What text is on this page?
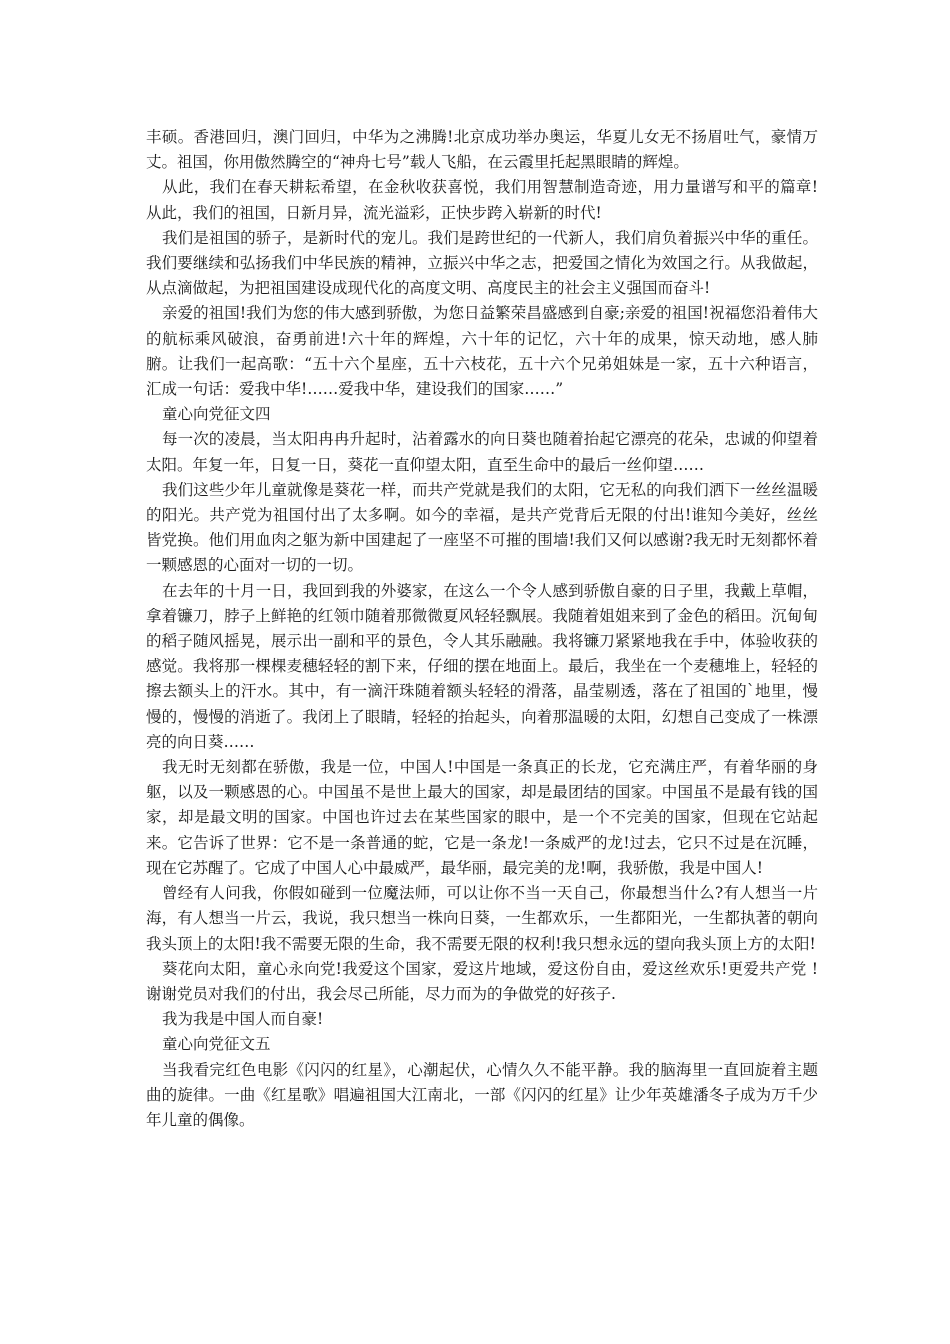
丰硕。香港回归，澳门回归，中华为之沸腾!北京成功举办奥运，华夏儿女无不扬眉吐气，豪情万丈。祖国，你用傲然腾空的“神舟七号”载人飞船，在云霞里托起黑眼睛的辉煌。

从此，我们在春天耕耘希望，在金秋收获喜悦，我们用智慧制造奇迹，用力量谱写和平的篇章!从此，我们的祖国，日新月异，流光溢彩，正快步跨入崭新的时代!

我们是祖国的骄子，是新时代的宠儿。我们是跨世纪的一代新人，我们肩负着振兴中华的重任。我们要继续和弘扬我们中华民族的精神，立振兴中华之志，把爱国之情化为效国之行。从我做起，从点滴做起，为把祖国建设成现代化的高度文明、高度民主的社会主义强国而奋斗!

亲爱的祖国!我们为您的伟大感到骄傲，为您日益繁荣昌盛感到自豪;亲爱的祖国!祝福您沿着伟大的航标乘风破浪，奋勇前进!六十年的辉煌，六十年的记忆，六十年的成果，惊天动地，感人肺腑。让我们一起高歌：“五十六个星座，五十六枝花，五十六个兄弟姐妹是一家，五十六种语言，汇成一句话：爱我中华!……爱我中华，建设我们的国家……”

童心向党征文四

每一次的凌晨，当太阳冉冉升起时，沾着露水的向日葵也随着抬起它漂亮的花朵，忠诚的仰望着太阳。年复一年，日复一日，葵花一直仰望太阳，直至生命中的最后一丝仰望……

我们这些少年儿童就像是葵花一样，而共产党就是我们的太阳，它无私的向我们洒下一丝丝温暖的阳光。共产党为祖国付出了太多啊。如今的幸福，是共产党背后无限的付出!谁知今美好，丝丝皆党换。他们用血肉之躯为新中国建起了一座坚不可摧的围墙!我们又何以感谢?我无时无刻都怀着一颗感恩的心面对一切的一切。

在去年的十月一日，我回到我的外婆家，在这么一个令人感到骄傲自豪的日子里，我戴上草帽，拿着镰刀，脖子上鲜艳的红领巾随着那微微夏风轻轻飘展。我随着姐姐来到了金色的稻田。沉甸甸的稻子随风摇晃，展示出一副和平的景色，令人其乐融融。我将镰刀紧紧地我在手中，体验收获的感觉。我将那一棵棵麦穗轻轻的割下来，仔细的摆在地面上。最后，我坐在一个麦穗堆上，轻轻的擦去额头上的汗水。其中，有一滴汗珠随着额头轻轻的滑落，晶莹剔透，落在了祖国的`地里，慢慢的，慢慢的消逝了。我闭上了眼睛，轻轻的抬起头，向着那温暖的太阳，幻想自己变成了一株漂亮的向日葵……

我无时无刻都在骄傲，我是一位，中国人!中国是一条真正的长龙，它充满庄严，有着华丽的身躯，以及一颗感恩的心。中国虽不是世上最大的国家，却是最团结的国家。中国虽不是最有钱的国家，却是最文明的国家。中国也许过去在某些国家的眼中，是一个不完美的国家，但现在它站起来。它告诉了世界：它不是一条普通的蛇，它是一条龙!一条威严的龙!过去，它只不过是在沉睡，现在它苏醒了。它成了中国人心中最威严，最华丽，最完美的龙!啊，我骄傲，我是中国人!

曾经有人问我，你假如碰到一位魔法师，可以让你不当一天自己，你最想当什么?有人想当一片海，有人想当一片云，我说，我只想当一株向日葵，一生都欢乐，一生都阳光，一生都执著的朝向我头顶上的太阳!我不需要无限的生命，我不需要无限的权利!我只想永远的望向我头顶上方的太阳!

葵花向太阳，童心永向党!我爱这个国家，爱这片地域，爱这份自由，爱这丝欢乐!更爱共产党 !谢谢党员对我们的付出，我会尽己所能，尽力而为的争做党的好孩子.

我为我是中国人而自豪!

童心向党征文五

当我看完红色电影《闪闪的红星》，心潮起伏，心情久久不能平静。我的脑海里一直回旋着主题曲的旋律。一曲《红星歌》唱遍祖国大江南北，一部《闪闪的红星》让少年英雄潘冬子成为万千少年儿童的偶像。
